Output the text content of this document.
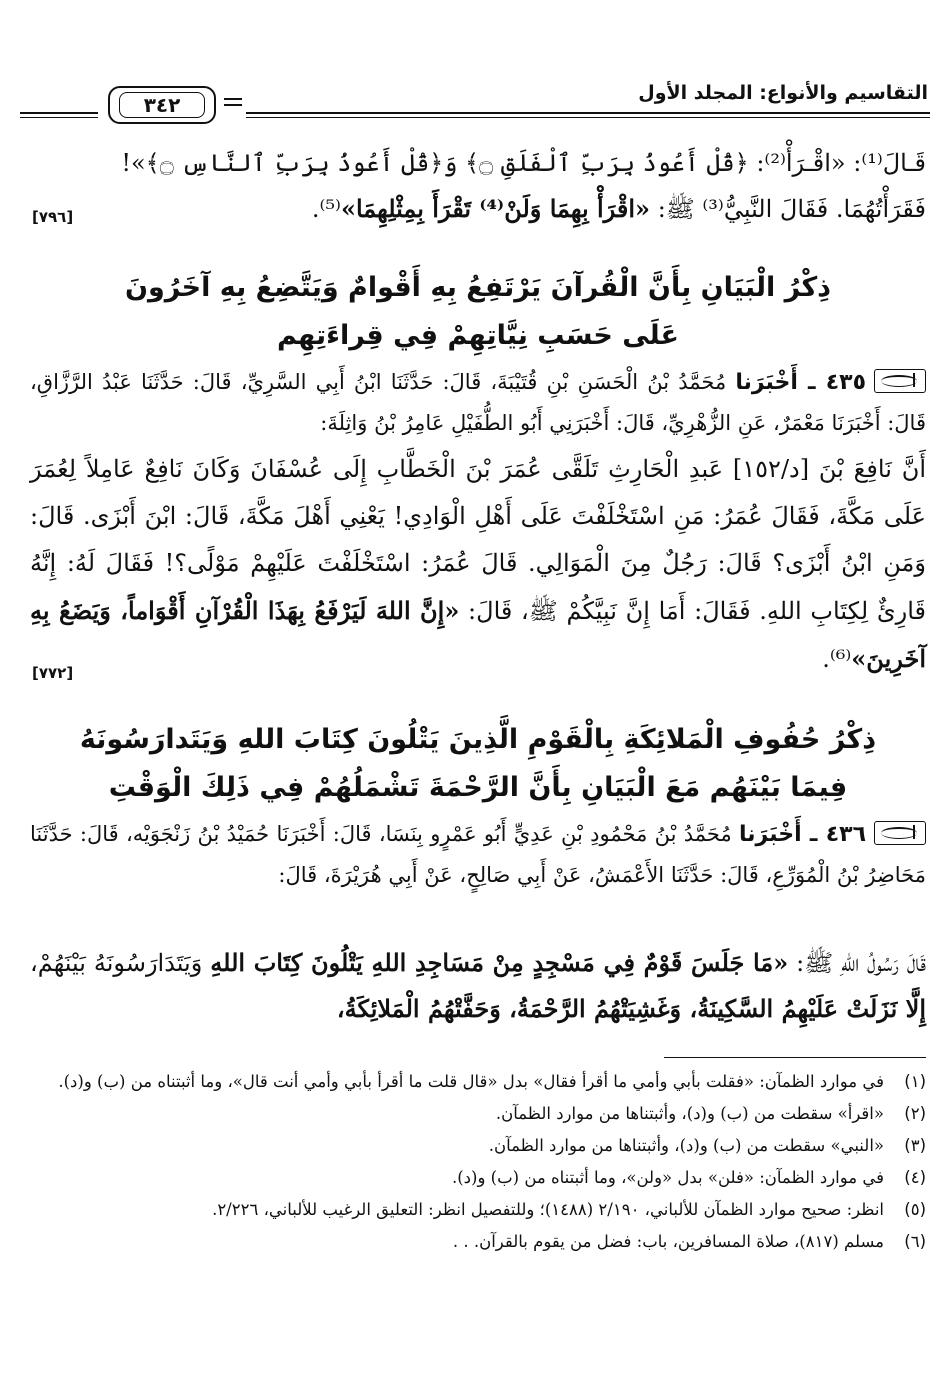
التقاسيم والأنواع: المجلد الأول
٣٤٢
قَـالَ⁽¹⁾: «اقْـرَأْ⁽²⁾: ﴿قُلْ أَعُوذُ بِرَبِّ ٱلْفَلَقِ ۝﴾ وَ﴿قُلْ أَعُوذُ بِرَبِّ ٱلنَّاسِ ۝﴾»!
فَقَرَأْتُهُمَا. فَقَالَ النَّبِيُّ⁽³⁾ ﷺ: «اقْرَأْ بِهِمَا وَلَنْ⁽⁴⁾ تَقْرَأَ بِمِثْلِهِمَا»⁽⁵⁾.
[٧٩٦]
ذِكْرُ الْبَيَانِ بِأَنَّ الْقُرآنَ يَرْتَفِعُ بِهِ أَقْوامٌ وَيَتَّضِعُ بِهِ آخَرُونَ
عَلَى حَسَبِ نِيَّاتِهِمْ فِي قِراءَتِهِم
٤٣٥ ـ أَخْبَرَنا مُحَمَّدُ بْنُ الْحَسَنِ بْنِ قُتَيْبَةَ، قَالَ: حَدَّثَنَا ابْنُ أَبِي السَّرِيِّ، قَالَ: حَدَّثَنَا عَبْدُ الرَّزَّاقِ، قَالَ: أَخْبَرَنَا مَعْمَرٌ، عَنِ الزُّهْرِيِّ، قَالَ: أَخْبَرَنِي أَبُو الطُّفَيْلِ عَامِرُ بْنُ وَاثِلَةَ:
أَنَّ نَافِعَ بْنَ [د/١٥٢] عَبدِ الْحَارِثِ تَلَقَّى عُمَرَ بْنَ الْخَطَّابِ إِلَى عُسْفَانَ وَكَانَ نَافِعٌ عَامِلاً لِعُمَرَ عَلَى مَكَّةَ، فَقَالَ عُمَرُ: مَنِ اسْتَخْلَفْتَ عَلَى أَهْلِ الْوَادِي! يَعْنِي أَهْلَ مَكَّةَ، قَالَ: ابْنَ أَبْزَى. قَالَ: وَمَنِ ابْنُ أَبْزَى؟ قَالَ: رَجُلٌ مِنَ الْمَوَالِي. قَالَ عُمَرُ: اسْتَخْلَفْتَ عَلَيْهِمْ مَوْلًى؟! فَقَالَ لَهُ: إِنَّهُ قَارِئٌ لِكِتَابِ اللهِ. فَقَالَ: أَمَا إِنَّ نَبِيَّكُمْ ﷺ، قَالَ: «إِنَّ اللهَ لَيَرْفَعُ بِهَذَا الْقُرْآنِ أَقْوَاماً، وَيَضَعُ بِهِ آخَرِينَ»⁽⁶⁾.
[٧٧٢]
ذِكْرُ حُفُوفِ الْمَلائِكَةِ بِالْقَوْمِ الَّذِينَ يَتْلُونَ كِتَابَ اللهِ وَيَتَدارَسُونَهُ
فِيمَا بَيْنَهُم مَعَ الْبَيَانِ بِأَنَّ الرَّحْمَةَ تَشْمَلُهُمْ فِي ذَلِكَ الْوَقْتِ
٤٣٦ ـ أَخْبَرَنا مُحَمَّدُ بْنُ مَحْمُودِ بْنِ عَدِيٍّ أَبُو عَمْرٍو بِنَسَا، قَالَ: أَخْبَرَنَا حُمَيْدُ بْنُ زَنْجَوَيْه، قَالَ: حَدَّثَنَا مَحَاضِرُ بْنُ الْمُوَرِّعِ، قَالَ: حَدَّثَنَا الأَعْمَشُ، عَنْ أَبِي صَالِحٍ، عَنْ أَبِي هُرَيْرَةَ، قَالَ:
قَالَ رَسُولُ اللهِ ﷺ: «مَا جَلَسَ قَوْمٌ فِي مَسْجِدٍ مِنْ مَسَاجِدِ اللهِ يَتْلُونَ كِتَابَ اللهِ وَيَتَدَارَسُونَهُ بَيْنَهُمْ، إِلَّا نَزَلَتْ عَلَيْهِمُ السَّكِينَةُ، وَغَشِيَتْهُمُ الرَّحْمَةُ، وَحَفَّتْهُمُ الْمَلائِكَةُ،
(١)
في موارد الظمآن: «فقلت بأبي وأمي ما أقرأ فقال» بدل «قال قلت ما أقرأ بأبي وأمي أنت قال»، وما أثبتناه من (ب) و(د).
(٢)
«اقرأ» سقطت من (ب) و(د)، وأثبتناها من موارد الظمآن.
(٣)
«النبي» سقطت من (ب) و(د)، وأثبتناها من موارد الظمآن.
(٤)
في موارد الظمآن: «فلن» بدل «ولن»، وما أثبتناه من (ب) و(د).
(٥)
انظر: صحيح موارد الظمآن للألباني، ٢/١٩٠ (١٤٨٨)؛ وللتفصيل انظر: التعليق الرغيب للألباني، ٢/٢٢٦.
(٦)
مسلم (٨١٧)، صلاة المسافرين، باب: فضل من يقوم بالقرآن. . .
